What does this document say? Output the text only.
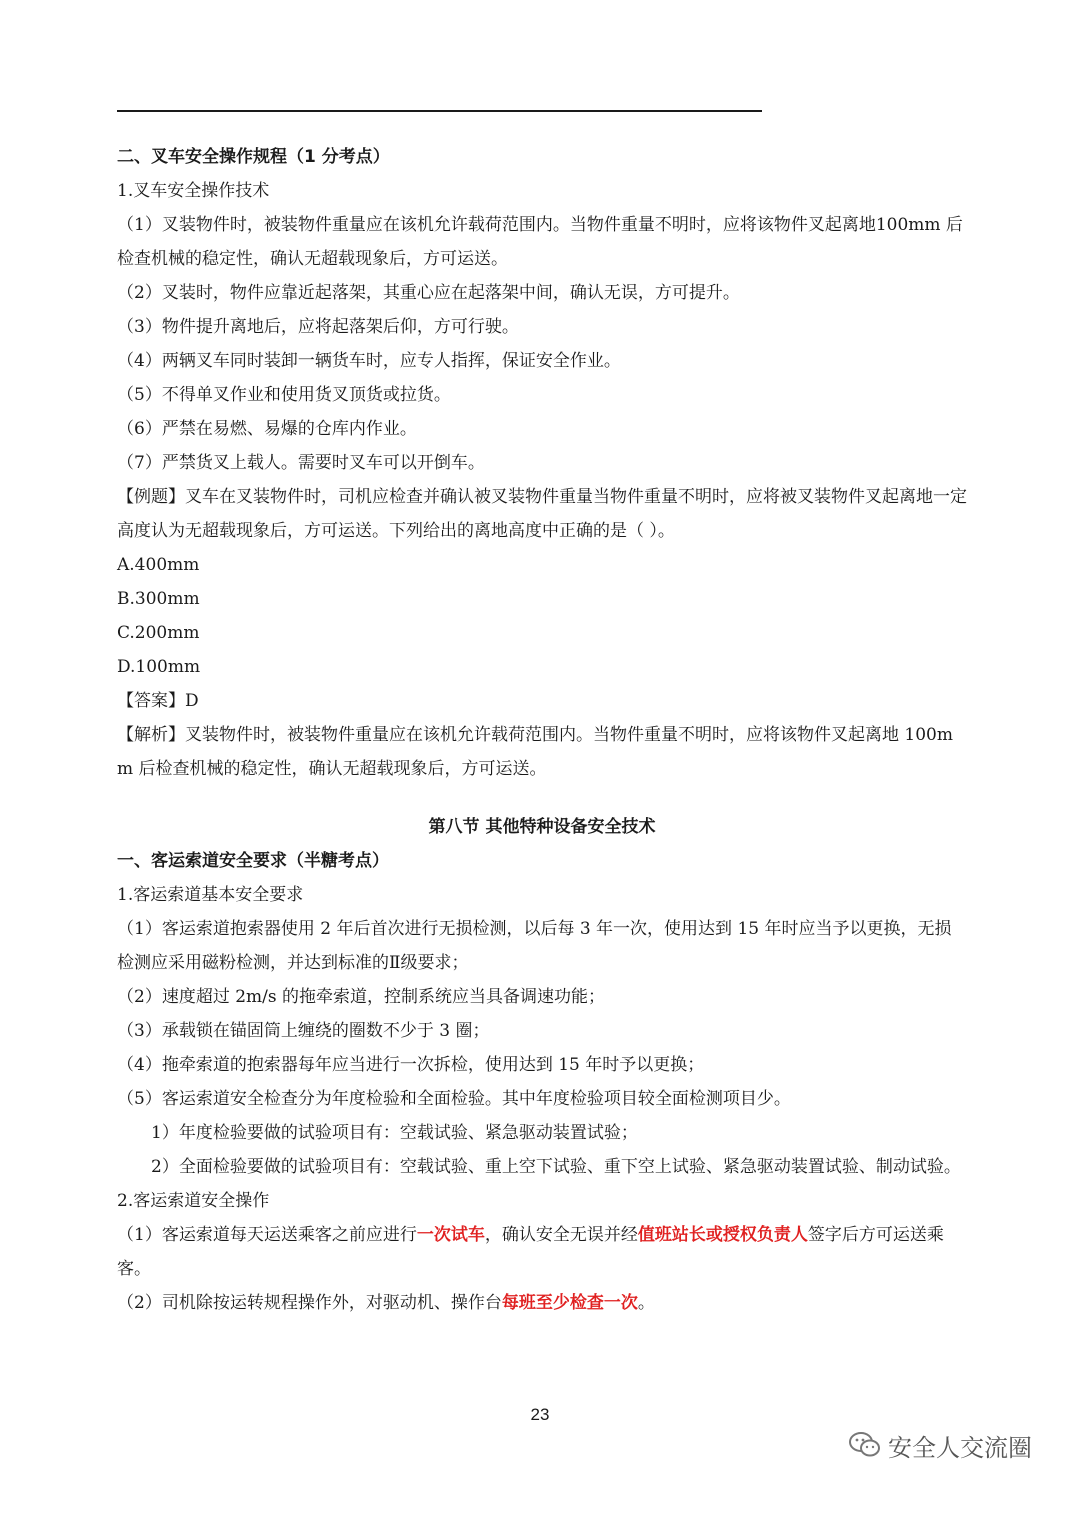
二、叉车安全操作规程（1 分考点）

1.叉车安全操作技术

（1）叉装物件时，被装物件重量应在该机允许载荷范围内。当物件重量不明时，应将该物件叉起离地100mm 后检查机械的稳定性，确认无超载现象后，方可运送。

（2）叉装时，物件应靠近起落架，其重心应在起落架中间，确认无误，方可提升。

（3）物件提升离地后，应将起落架后仰，方可行驶。

（4）两辆叉车同时装卸一辆货车时，应专人指挥，保证安全作业。

（5）不得单叉作业和使用货叉顶货或拉货。

（6）严禁在易燃、易爆的仓库内作业。

（7）严禁货叉上载人。需要时叉车可以开倒车。

【例题】叉车在叉装物件时，司机应检查并确认被叉装物件重量当物件重量不明时，应将被叉装物件叉起离地一定高度认为无超载现象后，方可运送。下列给出的离地高度中正确的是（ ）。

A.400mm

B.300mm

C.200mm

D.100mm

【答案】D

【解析】叉装物件时，被装物件重量应在该机允许载荷范围内。当物件重量不明时，应将该物件叉起离地 100mm 后检查机械的稳定性，确认无超载现象后，方可运送。

第八节 其他特种设备安全技术

一、客运索道安全要求（半糖考点）

1.客运索道基本安全要求

（1）客运索道抱索器使用 2 年后首次进行无损检测，以后每 3 年一次，使用达到 15 年时应当予以更换，无损检测应采用磁粉检测，并达到标准的Ⅱ级要求；

（2）速度超过 2m/s 的拖牵索道，控制系统应当具备调速功能；

（3）承载锁在锚固筒上缠绕的圈数不少于 3 圈；

（4）拖牵索道的抱索器每年应当进行一次拆检，使用达到 15 年时予以更换；

（5）客运索道安全检查分为年度检验和全面检验。其中年度检验项目较全面检测项目少。

1）年度检验要做的试验项目有：空载试验、紧急驱动装置试验；

2）全面检验要做的试验项目有：空载试验、重上空下试验、重下空上试验、紧急驱动装置试验、制动试验。

2.客运索道安全操作

（1）客运索道每天运送乘客之前应进行一次试车，确认安全无误并经值班站长或授权负责人签字后方可运送乘客。

（2）司机除按运转规程操作外，对驱动机、操作台每班至少检查一次。

23
安全人交流圈
